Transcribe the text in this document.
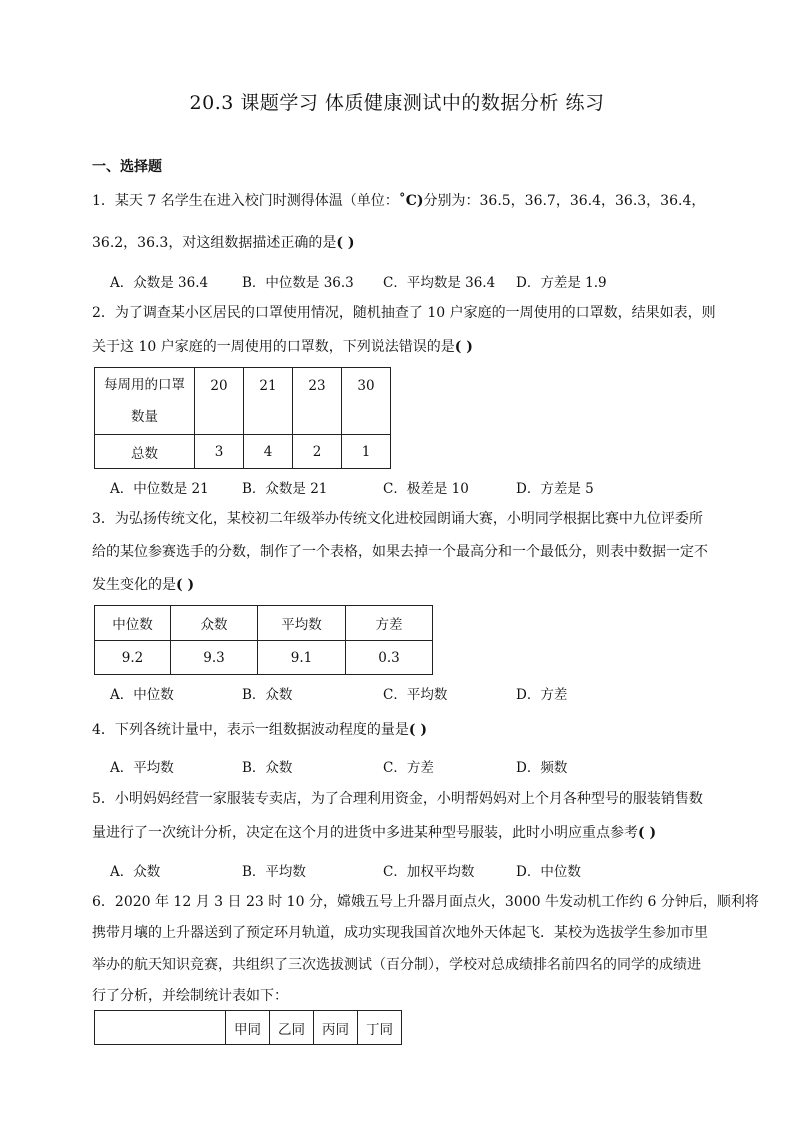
20.3 课题学习 体质健康测试中的数据分析 练习
一、选择题
1．某天 7 名学生在进入校门时测得体温（单位：˚C)分别为：36.5，36.7，36.4，36.3，36.4，
36.2，36.3，对这组数据描述正确的是( )
A．众数是 36.4	B．中位数是 36.3 C．平均数是 36.4 D．方差是 1.9
2．为了调查某小区居民的口罩使用情况，随机抽查了 10 户家庭的一周使用的口罩数，结果如表，则
关于这 10 户家庭的一周使用的口罩数，下列说法错误的是( )
每周用的口罩
数量	20	21	23	30
总数	3	4	2	1
A．中位数是 21 B．众数是 21	C．极差是 10	D．方差是 5
3．为弘扬传统文化，某校初二年级举办传统文化进校园朗诵大赛，小明同学根据比赛中九位评委所
给的某位参赛选手的分数，制作了一个表格，如果去掉一个最高分和一个最低分，则表中数据一定不
发生变化的是( )
中位数	众数	平均数	方差
9.2	9.3	9.1	0.3
A．中位数	B．众数	C．平均数	D．方差
4．下列各统计量中，表示一组数据波动程度的量是( )
A．平均数	B．众数	C．方差	D．频数
5．小明妈妈经营一家服装专卖店，为了合理利用资金，小明帮妈妈对上个月各种型号的服装销售数
量进行了一次统计分析，决定在这个月的进货中多进某种型号服装，此时小明应重点参考( )
A．众数	B．平均数	C．加权平均数	D．中位数
6．2020 年 12 月 3 日 23 时 10 分，嫦娥五号上升器月面点火，3000 牛发动机工作约 6 分钟后，顺利将
携带月壤的上升器送到了预定环月轨道，成功实现我国首次地外天体起飞．某校为选拔学生参加市里
举办的航天知识竞赛，共组织了三次选拔测试（百分制），学校对总成绩排名前四名的同学的成绩进
行了分析，并绘制统计表如下：
	甲同	乙同	丙同	丁同
